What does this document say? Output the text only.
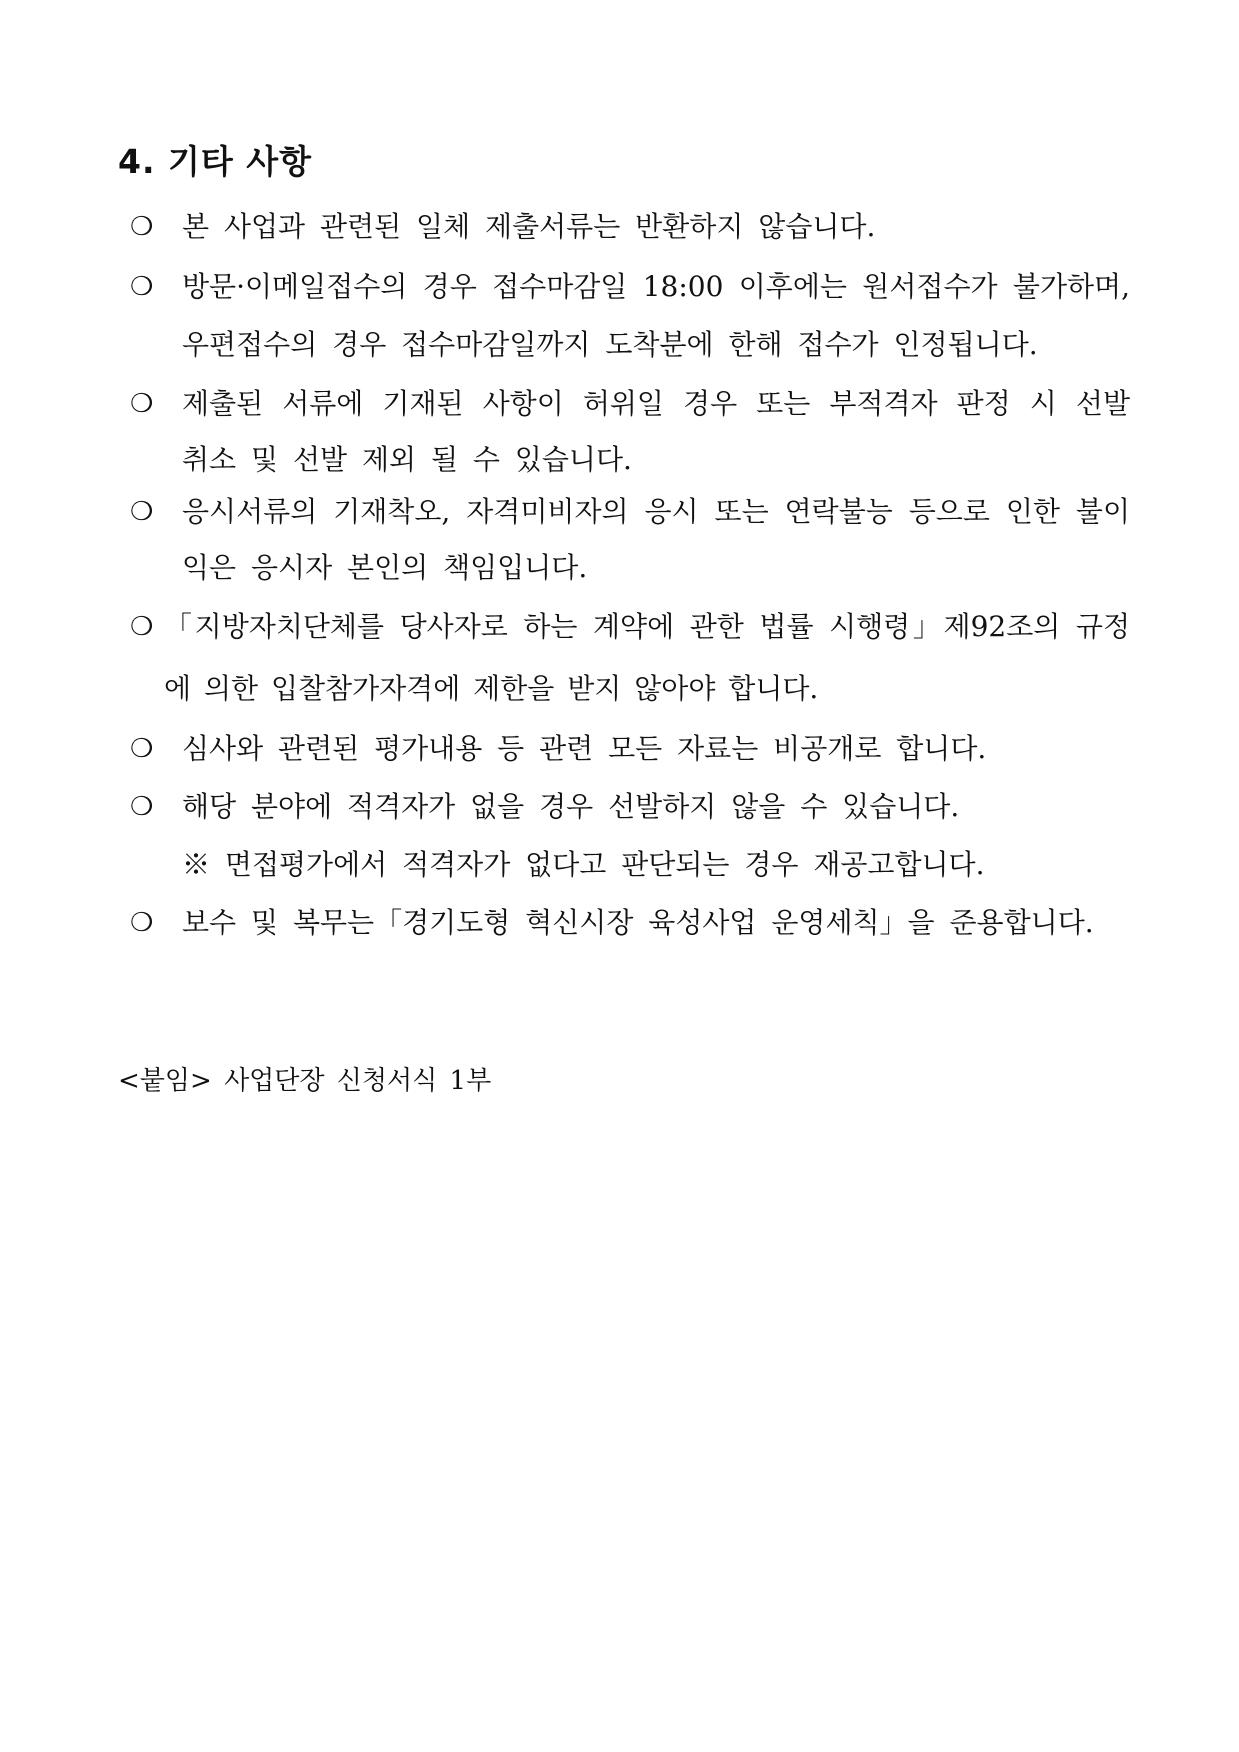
4. 기타 사항
❍ 본 사업과 관련된 일체 제출서류는 반환하지 않습니다.
❍ 방문·이메일접수의 경우 접수마감일 18:00 이후에는 원서접수가 불가하며, 우편접수의 경우 접수마감일까지 도착분에 한해 접수가 인정됩니다.
❍ 제출된 서류에 기재된 사항이 허위일 경우 또는 부적격자 판정 시 선발 취소 및 선발 제외 될 수 있습니다.
❍ 응시서류의 기재착오, 자격미비자의 응시 또는 연락불능 등으로 인한 불이익은 응시자 본인의 책임입니다.
❍ 「지방자치단체를 당사자로 하는 계약에 관한 법률 시행령」제92조의 규정에 의한 입찰참가자격에 제한을 받지 않아야 합니다.
❍ 심사와 관련된 평가내용 등 관련 모든 자료는 비공개로 합니다.
❍ 해당 분야에 적격자가 없을 경우 선발하지 않을 수 있습니다.
※ 면접평가에서 적격자가 없다고 판단되는 경우 재공고합니다.
❍ 보수 및 복무는「경기도형 혁신시장 육성사업 운영세칙」을 준용합니다.
<붙임> 사업단장 신청서식 1부
